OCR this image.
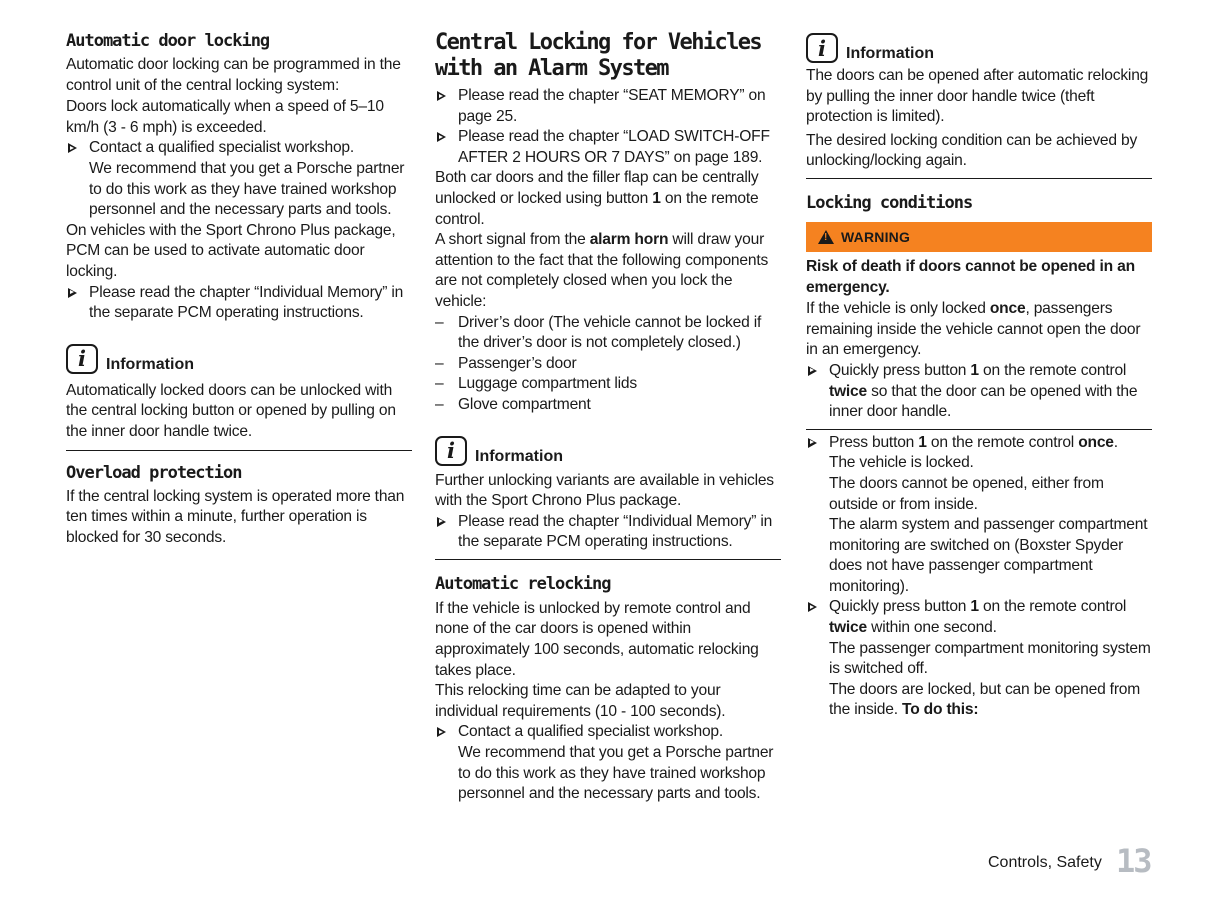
Automatic door locking

Automatic door locking can be programmed in the control unit of the central locking system:

Doors lock automatically when a speed of 5–10 km/h (3 - 6 mph) is exceeded.

Contact a qualified specialist workshop.
We recommend that you get a Porsche partner to do this work as they have trained workshop personnel and the necessary parts and tools.

On vehicles with the Sport Chrono Plus package, PCM can be used to activate automatic door locking.

Please read the chapter “Individual Memory” in the separate PCM operating instructions.
i	Information

Automatically locked doors can be unlocked with the central locking button or opened by pulling on the inner door handle twice.

Overload protection

If the central locking system is operated more than ten times within a minute, further operation is blocked for 30 seconds.

Central Locking for Vehicles with an Alarm System
Please read the chapter “SEAT MEMORY” on page 25.
Please read the chapter “LOAD SWITCH-OFF AFTER 2 HOURS OR 7 DAYS” on page 189.

Both car doors and the filler flap can be centrally unlocked or locked using button 1 on the remote control.

A short signal from the alarm horn will draw your attention to the fact that the following components are not completely closed when you lock the vehicle:

– Driver’s door (The vehicle cannot be locked if the driver’s door is not completely closed.)
– Passenger’s door
– Luggage compartment lids
– Glove compartment
i	Information

Further unlocking variants are available in vehicles with the Sport Chrono Plus package.

Please read the chapter “Individual Memory” in the separate PCM operating instructions.
Automatic relocking

If the vehicle is unlocked by remote control and none of the car doors is opened within approximately 100 seconds, automatic relocking takes place.

This relocking time can be adapted to your individual requirements (10 - 100 seconds).

Contact a qualified specialist workshop.
We recommend that you get a Porsche partner to do this work as they have trained workshop personnel and the necessary parts and tools.
i	Information

The doors can be opened after automatic relocking by pulling the inner door handle twice (theft protection is limited).

The desired locking condition can be achieved by unlocking/locking again.

Locking conditions
!
WARNING

Risk of death if doors cannot be opened in an emergency.

If the vehicle is only locked once, passengers remaining inside the vehicle cannot open the door in an emergency.

Quickly press button 1 on the remote control twice so that the door can be opened with the inner door handle.
Press button 1 on the remote control once.
The vehicle is locked.
The doors cannot be opened, either from outside or from inside.
The alarm system and passenger compartment monitoring are switched on (Boxster Spyder does not have passenger compartment monitoring).
Quickly press button 1 on the remote control twice within one second.
The passenger compartment monitoring system is switched off.
The doors are locked, but can be opened from the inside. To do this:
Controls, Safety 13
